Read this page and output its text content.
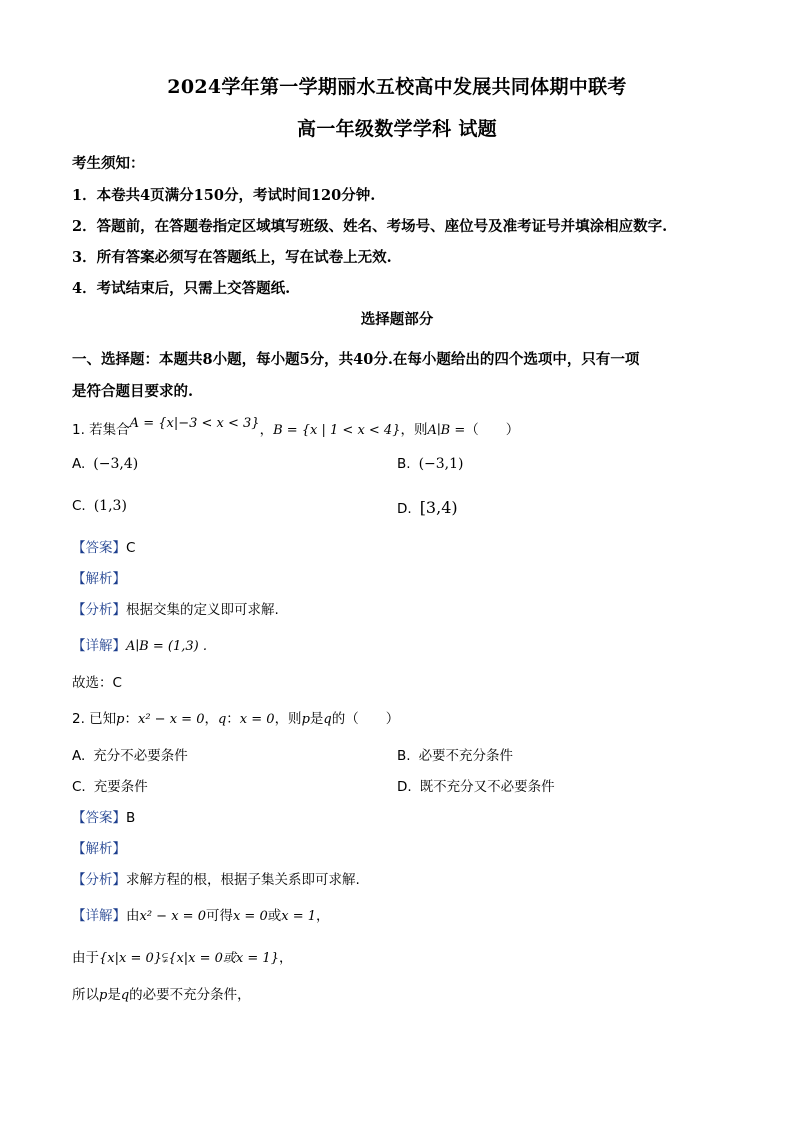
2024学年第一学期丽水五校高中发展共同体期中联考
高一年级数学学科 试题
考生须知：
1．本卷共4页满分150分，考试时间120分钟.
2．答题前，在答题卷指定区域填写班级、姓名、考场号、座位号及准考证号并填涂相应数字.
3．所有答案必须写在答题纸上，写在试卷上无效.
4．考试结束后，只需上交答题纸.
选择题部分
一、选择题：本题共8小题，每小题5分，共40分.在每小题给出的四个选项中，只有一项
是符合题目要求的.
1. 若集合A = {x|−3 < x < 3}，B = {x | 1 < x < 4}，则A∣B =（　　）
A. (−3,4)	B. (−3,1)
C. (1,3)	D. [3,4)
【答案】C
【解析】
【分析】根据交集的定义即可求解.
【详解】A∣B = (1,3) .
故选：C
2. 已知p：x² − x = 0，q：x = 0，则p是q的（　　）
A. 充分不必要条件	B. 必要不充分条件
C. 充要条件	D. 既不充分又不必要条件
【答案】B
【解析】
【分析】求解方程的根，根据子集关系即可求解.
【详解】由x² − x = 0可得x = 0或x = 1，
由于{x|x = 0}⫋{x|x = 0或x = 1}，
所以p是q的必要不充分条件，
